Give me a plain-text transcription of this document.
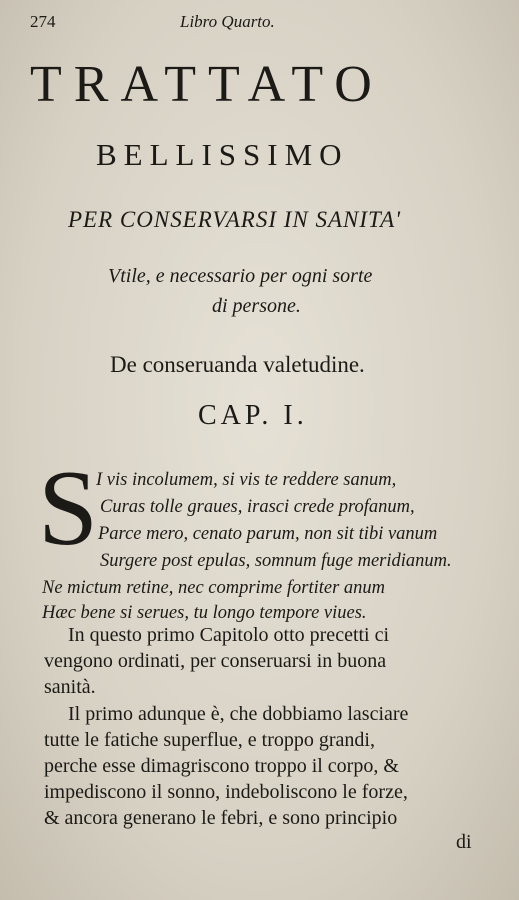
274	Libro Quarto.
TRATTATO
BELLISSIMO
PER CONSERVARSI IN SANITA'
Vtile, e necessario per ogni sorte
di persone.
De conseruanda valetudine.
CAP. I.
S
I vis incolumem, si vis te reddere sanum,
Curas tolle graues, irasci crede profanum,
Parce mero, cenato parum, non sit tibi vanum
Surgere post epulas, somnum fuge meridianum.
Ne mictum retine, nec comprime fortiter anum
Hæc bene si serues, tu longo tempore viues.
In questo primo Capitolo otto precetti ci
vengono ordinati, per conseruarsi in buona
sanità.
Il primo adunque è, che dobbiamo lasciare
tutte le fatiche superflue, e troppo grandi,
perche esse dimagriscono troppo il corpo, &
impediscono il sonno, indeboliscono le forze,
& ancora generano le febri, e sono principio
di
